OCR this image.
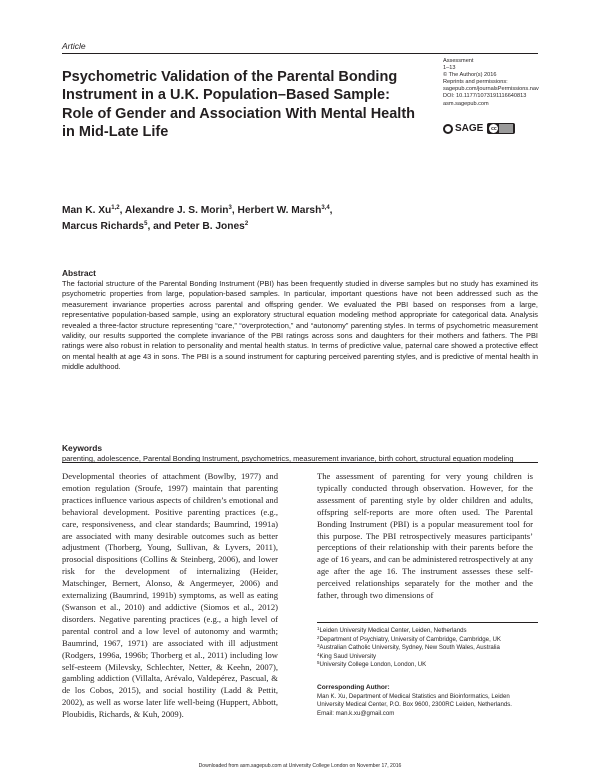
Article
Psychometric Validation of the Parental Bonding Instrument in a U.K. Population–Based Sample: Role of Gender and Association With Mental Health in Mid-Late Life
Assessment
1–13
© The Author(s) 2016
Reprints and permissions:
sagepub.com/journalsPermissions.nav
DOI: 10.1177/1073191116640813
asm.sagepub.com
SAGE	cc
Man K. Xu$^{1,2}$, Alexandre J. S. Morin$^3$, Herbert W. Marsh$^{3,4}$,
Marcus Richards$^5$, and Peter B. Jones$^2$
Abstract

The factorial structure of the Parental Bonding Instrument (PBI) has been frequently studied in diverse samples but no study has examined its psychometric properties from large, population-based samples. In particular, important questions have not been addressed such as the measurement invariance properties across parental and offspring gender. We evaluated the PBI based on responses from a large, representative population-based sample, using an exploratory structural equation modeling method appropriate for categorical data. Analysis revealed a three-factor structure representing “care,” “overprotection,” and “autonomy” parenting styles. In terms of psychometric measurement validity, our results supported the complete invariance of the PBI ratings across sons and daughters for their mothers and fathers. The PBI ratings were also robust in relation to personality and mental health status. In terms of predictive value, paternal care showed a protective effect on mental health at age 43 in sons. The PBI is a sound instrument for capturing perceived parenting styles, and is predictive of mental health in middle adulthood.

Keywords

parenting, adolescence, Parental Bonding Instrument, psychometrics, measurement invariance, birth cohort, structural equation modeling

Developmental theories of attachment (Bowlby, 1977) and emotion regulation (Sroufe, 1997) maintain that parenting practices influence various aspects of children’s emotional and behavioral development. Positive parenting practices (e.g., care, responsiveness, and clear standards; Baumrind, 1991a) are associated with many desirable outcomes such as better adjustment (Thorberg, Young, Sullivan, & Lyvers, 2011), prosocial dispositions (Collins & Steinberg, 2006), and lower risk for the development of internalizing (Heider, Matschinger, Bernert, Alonso, & Angermeyer, 2006) and externalizing (Baumrind, 1991b) symptoms, as well as eating (Swanson et al., 2010) and addictive (Siomos et al., 2012) disorders. Negative parenting practices (e.g., a high level of parental control and a low level of autonomy and warmth; Baumrind, 1967, 1971) are associated with ill adjustment (Rodgers, 1996a, 1996b; Thorberg et al., 2011) including low self-esteem (Milevsky, Schlechter, Netter, & Keehn, 2007), gambling addiction (Villalta, Arévalo, Valdepérez, Pascual, & de los Cobos, 2015), and social hostility (Ladd & Pettit, 2002), as well as worse later life well-being (Huppert, Abbott, Ploubidis, Richards, & Kuh, 2009).

The assessment of parenting for very young children is typically conducted through observation. However, for the assessment of parenting style by older children and adults, offspring self-reports are more often used. The Parental Bonding Instrument (PBI) is a popular measurement tool for this purpose. The PBI retrospectively measures participants’ perceptions of their relationship with their parents before the age of 16 years, and can be administered retrospectively at any age after the age 16. The instrument assesses these self-perceived relationships separately for the mother and the father, through two dimensions of

$^1$Leiden University Medical Center, Leiden, Netherlands
$^2$Department of Psychiatry, University of Cambridge, Cambridge, UK
$^3$Australian Catholic University, Sydney, New South Wales, Australia
$^4$King Saud University
$^5$University College London, London, UK
Corresponding Author:
Man K. Xu, Department of Medical Statistics and Bioinformatics, Leiden University Medical Center, P.O. Box 9600, 2300RC Leiden, Netherlands.
Email: man.k.xu@gmail.com
Downloaded from asm.sagepub.com at University College London on November 17, 2016
